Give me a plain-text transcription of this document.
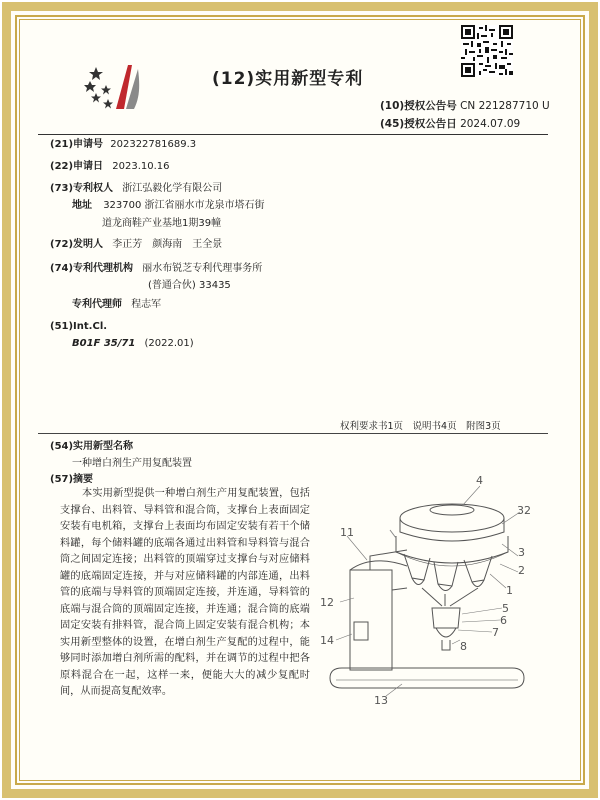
(12)实用新型专利
(10)授权公告号 CN 221287710 U
(45)授权公告日 2024.07.09
(21)申请号 202322781689.3
(22)申请日 2023.10.16
(73)专利权人 浙江弘毅化学有限公司
地址 323700 浙江省丽水市龙泉市塔石街
道龙商鞋产业基地1期39幢
(72)发明人 李正芳　颜海南　王全景
(74)专利代理机构 丽水布锐芝专利代理事务所
(普通合伙) 33435
专利代理师 程志军
(51)Int.Cl.
B01F 35/71 (2022.01)
权利要求书1页　说明书4页　附图3页
(54)实用新型名称
一种增白剂生产用复配装置
(57)摘要
本实用新型提供一种增白剂生产用复配装置，包括支撑台、出料管、导料管和混合筒，支撑台上表面固定安装有电机箱，支撑台上表面均布固定安装有若干个储料罐，每个储料罐的底端各通过出料管和导料管与混合筒之间固定连接；出料管的顶端穿过支撑台与对应储料罐的底端固定连接，并与对应储料罐的内部连通，出料管的底端与导料管的顶端固定连接，并连通，导料管的底端与混合筒的顶端固定连接，并连通；混合筒的底端固定安装有排料管，混合筒上固定安装有混合机构；本实用新型整体的设置，在增白剂生产复配的过程中，能够同时添加增白剂所需的配料，并在调节的过程中把各原料混合在一起，这样一来，便能大大的减少复配时间，从而提高复配效率。
4
11
32
3
2
12
1
5
6
7
14	8
13
